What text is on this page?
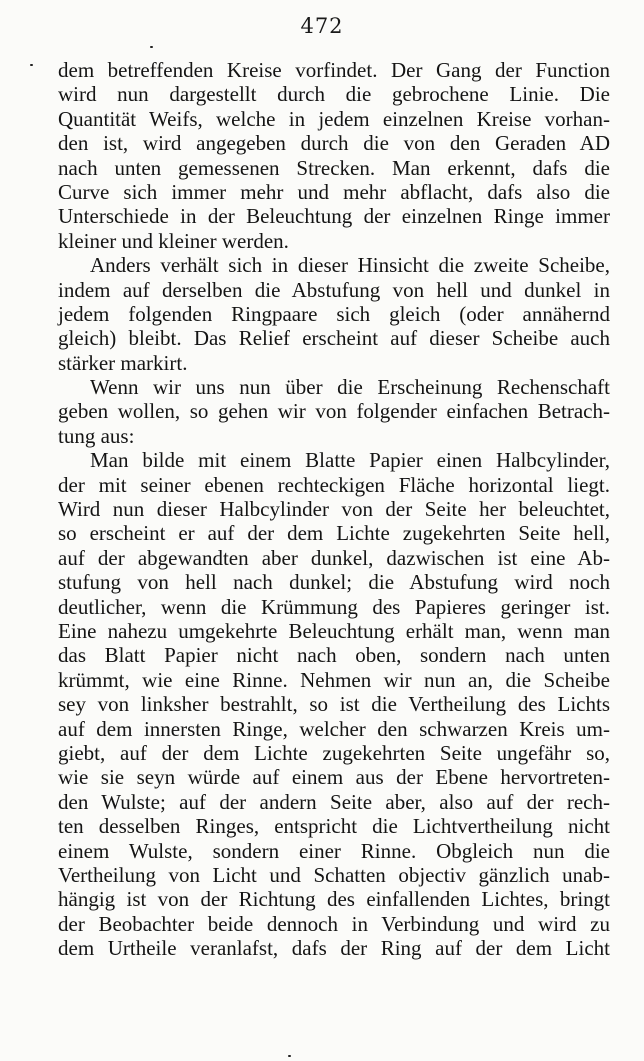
472
dem betreffenden Kreise vorfindet. Der Gang der Function
wird nun dargestellt durch die gebrochene Linie. Die
Quantität Weifs, welche in jedem einzelnen Kreise vorhan-
den ist, wird angegeben durch die von den Geraden AD
nach unten gemessenen Strecken. Man erkennt, dafs die
Curve sich immer mehr und mehr abflacht, dafs also die
Unterschiede in der Beleuchtung der einzelnen Ringe immer
kleiner und kleiner werden.
Anders verhält sich in dieser Hinsicht die zweite Scheibe,
indem auf derselben die Abstufung von hell und dunkel in
jedem folgenden Ringpaare sich gleich (oder annähernd
gleich) bleibt. Das Relief erscheint auf dieser Scheibe auch
stärker markirt.
Wenn wir uns nun über die Erscheinung Rechenschaft
geben wollen, so gehen wir von folgender einfachen Betrach-
tung aus:
Man bilde mit einem Blatte Papier einen Halbcylinder,
der mit seiner ebenen rechteckigen Fläche horizontal liegt.
Wird nun dieser Halbcylinder von der Seite her beleuchtet,
so erscheint er auf der dem Lichte zugekehrten Seite hell,
auf der abgewandten aber dunkel, dazwischen ist eine Ab-
stufung von hell nach dunkel; die Abstufung wird noch
deutlicher, wenn die Krümmung des Papieres geringer ist.
Eine nahezu umgekehrte Beleuchtung erhält man, wenn man
das Blatt Papier nicht nach oben, sondern nach unten
krümmt, wie eine Rinne. Nehmen wir nun an, die Scheibe
sey von linksher bestrahlt, so ist die Vertheilung des Lichts
auf dem innersten Ringe, welcher den schwarzen Kreis um-
giebt, auf der dem Lichte zugekehrten Seite ungefähr so,
wie sie seyn würde auf einem aus der Ebene hervortreten-
den Wulste; auf der andern Seite aber, also auf der rech-
ten desselben Ringes, entspricht die Lichtvertheilung nicht
einem Wulste, sondern einer Rinne. Obgleich nun die
Vertheilung von Licht und Schatten objectiv gänzlich unab-
hängig ist von der Richtung des einfallenden Lichtes, bringt
der Beobachter beide dennoch in Verbindung und wird zu
dem Urtheile veranlafst, dafs der Ring auf der dem Licht
